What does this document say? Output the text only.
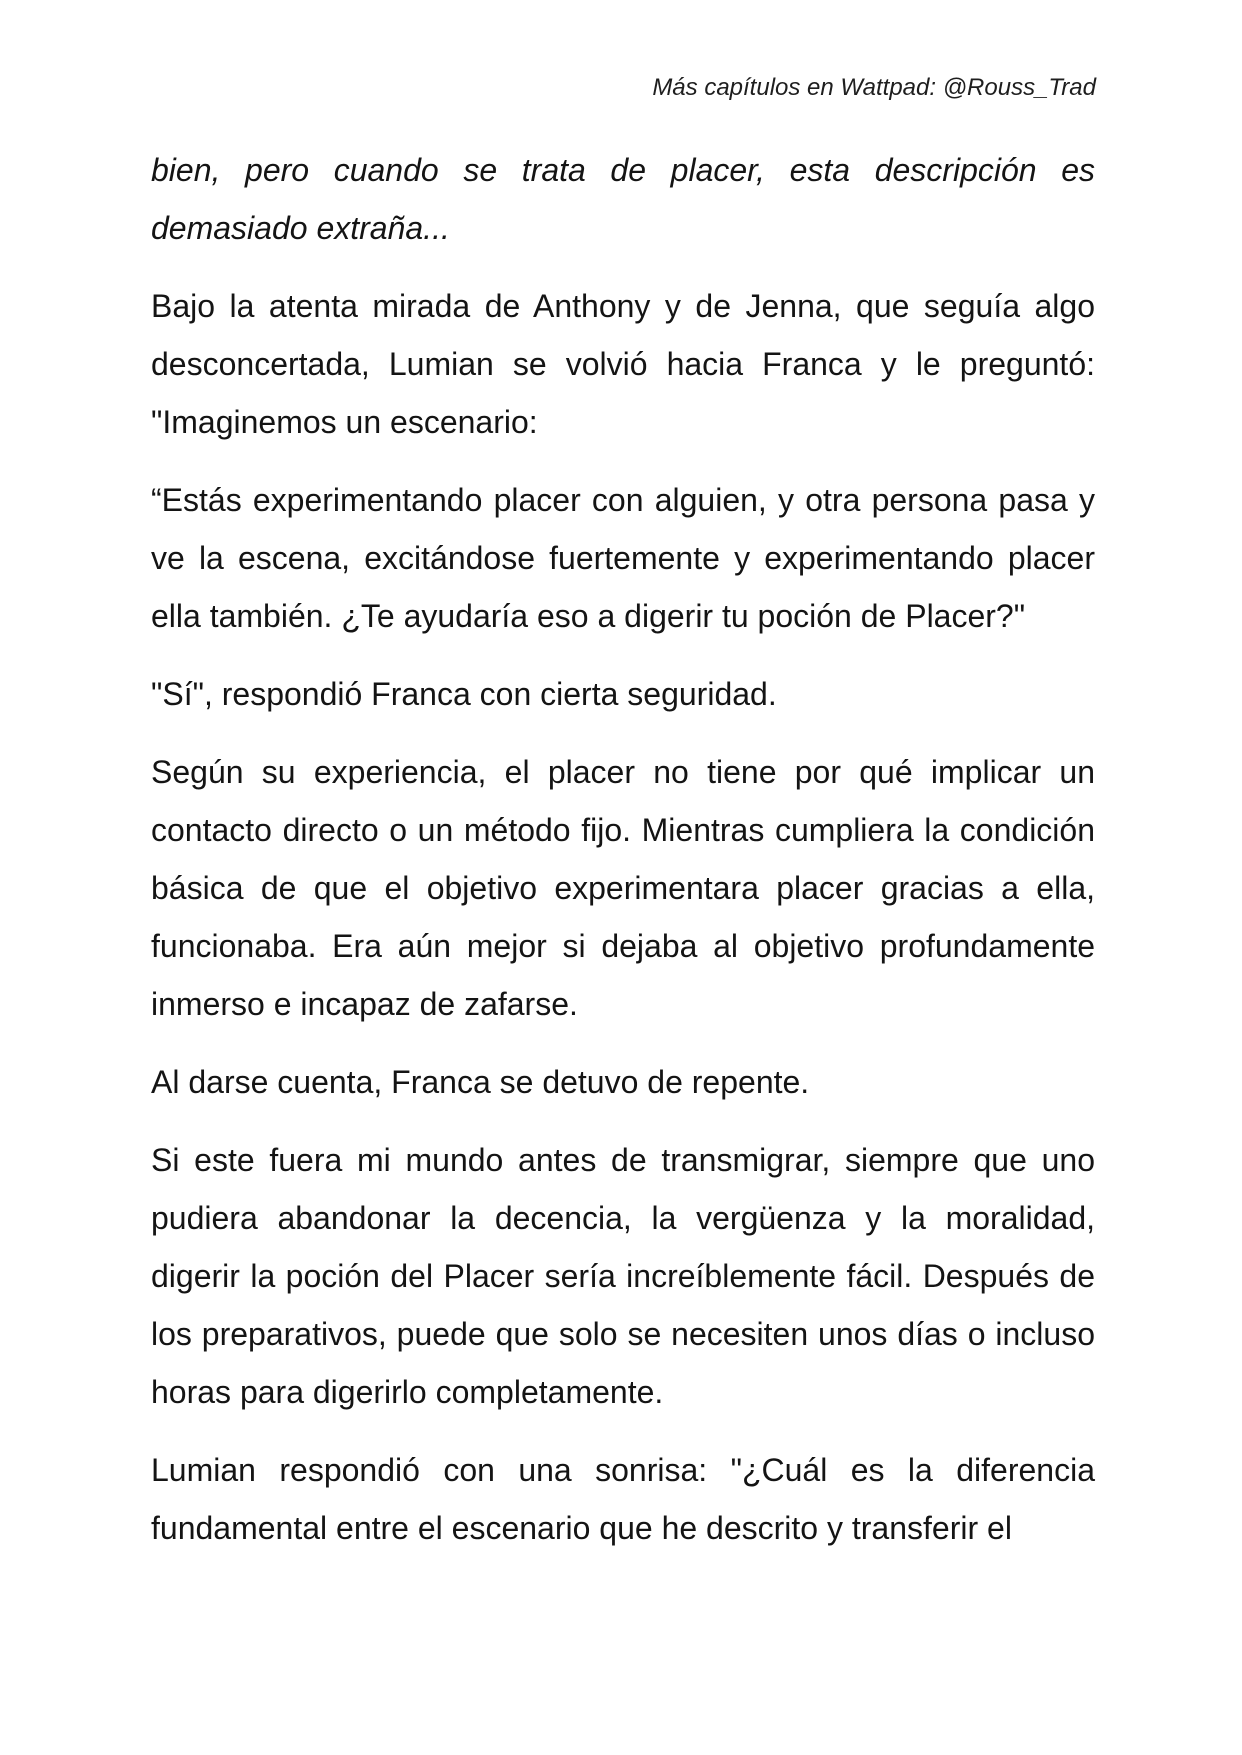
Más capítulos en Wattpad: @Rouss_Trad

bien, pero cuando se trata de placer, esta descripción es demasiado extraña...

Bajo la atenta mirada de Anthony y de Jenna, que seguía algo desconcertada, Lumian se volvió hacia Franca y le preguntó: "Imaginemos un escenario:

“Estás experimentando placer con alguien, y otra persona pasa y ve la escena, excitándose fuertemente y experimentando placer ella también. ¿Te ayudaría eso a digerir tu poción de Placer?"

"Sí", respondió Franca con cierta seguridad.

Según su experiencia, el placer no tiene por qué implicar un contacto directo o un método fijo. Mientras cumpliera la condición básica de que el objetivo experimentara placer gracias a ella, funcionaba. Era aún mejor si dejaba al objetivo profundamente inmerso e incapaz de zafarse.

Al darse cuenta, Franca se detuvo de repente.

Si este fuera mi mundo antes de transmigrar, siempre que uno pudiera abandonar la decencia, la vergüenza y la moralidad, digerir la poción del Placer sería increíblemente fácil. Después de los preparativos, puede que solo se necesiten unos días o incluso horas para digerirlo completamente.

Lumian respondió con una sonrisa: "¿Cuál es la diferencia fundamental entre el escenario que he descrito y transferir el
